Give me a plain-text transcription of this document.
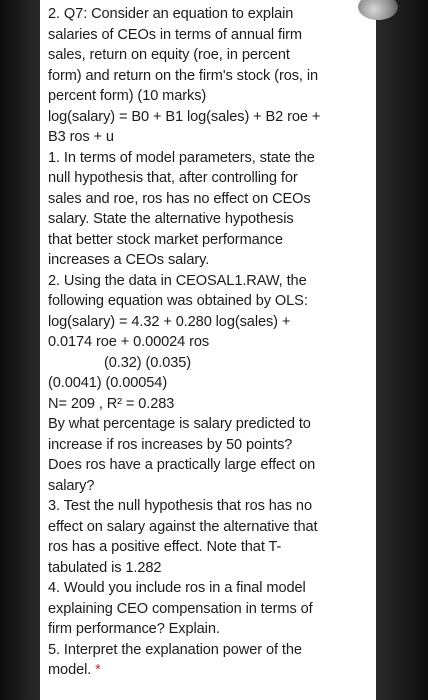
2. Q7: Consider an equation to explain
salaries of CEOs in terms of annual firm
sales, return on equity (roe, in percent
form) and return on the firm's stock (ros, in
percent form) (10 marks)
log(salary) = B0 + B1 log(sales) + B2 roe +
B3 ros + u
1. In terms of model parameters, state the
null hypothesis that, after controlling for
sales and roe, ros has no effect on CEOs
salary. State the alternative hypothesis
that better stock market performance
increases a CEOs salary.
2. Using the data in CEOSAL1.RAW, the
following equation was obtained by OLS:
log(salary) = 4.32 + 0.280 log(sales) +
0.0174 roe + 0.00024 ros
(0.32) (0.035)
(0.0041) (0.00054)
N= 209 , R² = 0.283
By what percentage is salary predicted to
increase if ros increases by 50 points?
Does ros have a practically large effect on
salary?
3. Test the null hypothesis that ros has no
effect on salary against the alternative that
ros has a positive effect. Note that T-
tabulated is 1.282
4. Would you include ros in a final model
explaining CEO compensation in terms of
firm performance? Explain.
5. Interpret the explanation power of the
model. *
